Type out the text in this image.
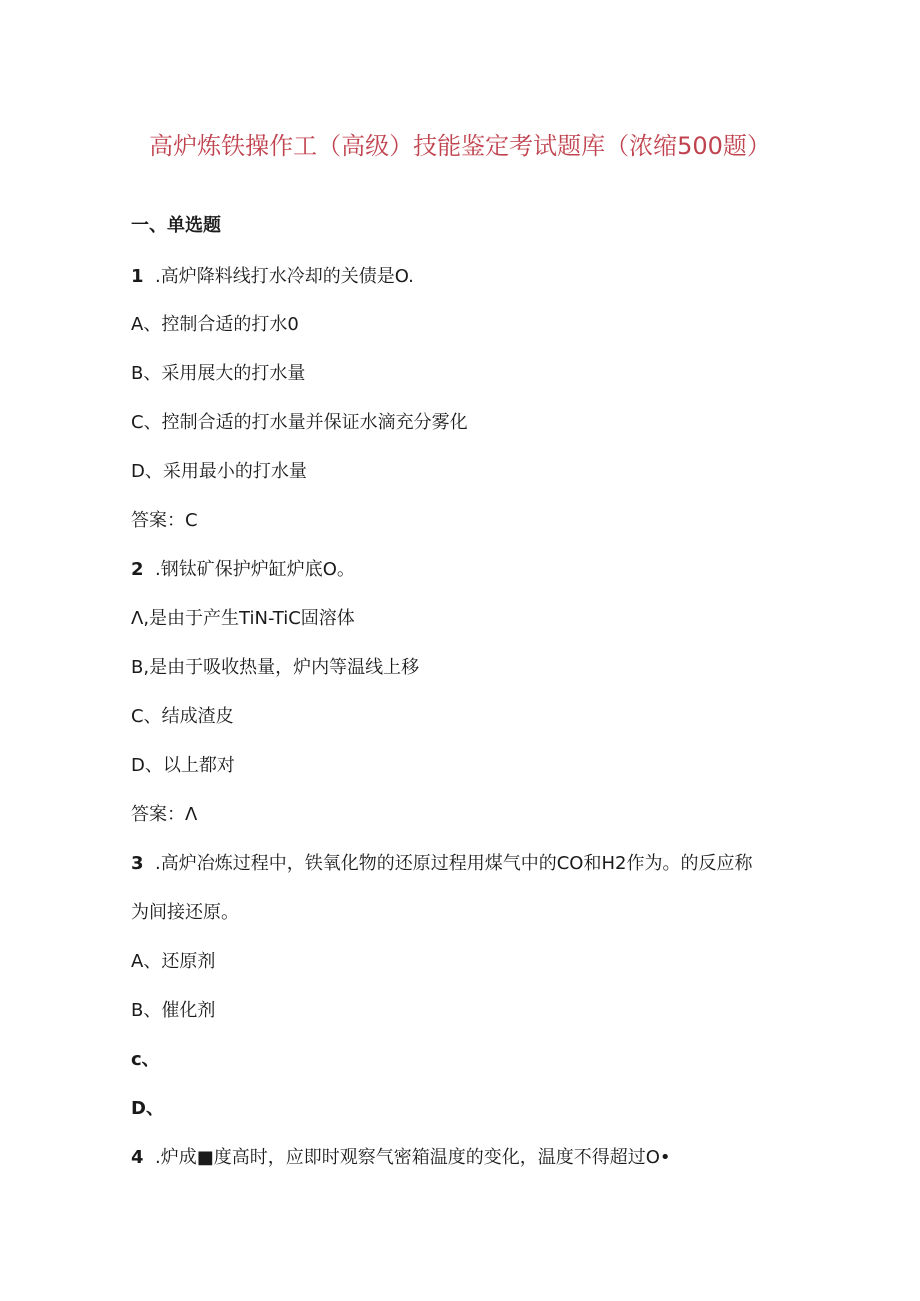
高炉炼铁操作工（高级）技能鉴定考试题库（浓缩500题）
一、单选题
1 .高炉降料线打水冷却的关债是O.
A、控制合适的打水0
B、采用展大的打水量
C、控制合适的打水量并保证水滴充分雾化
D、采用最小的打水量
答案：C
2 .钢钛矿保护炉缸炉底O。
Λ,是由于产生TiN-TiC固溶体
B,是由于吸收热量，炉内等温线上移
C、结成渣皮
D、以上都对
答案：Λ
3 .高炉冶炼过程中，铁氧化物的还原过程用煤气中的CO和H2作为。的反应称
为间接还原。
A、还原剂
B、催化剂
c、
D、
4 .炉成■度高时，应即时观察气密箱温度的变化，温度不得超过O•
